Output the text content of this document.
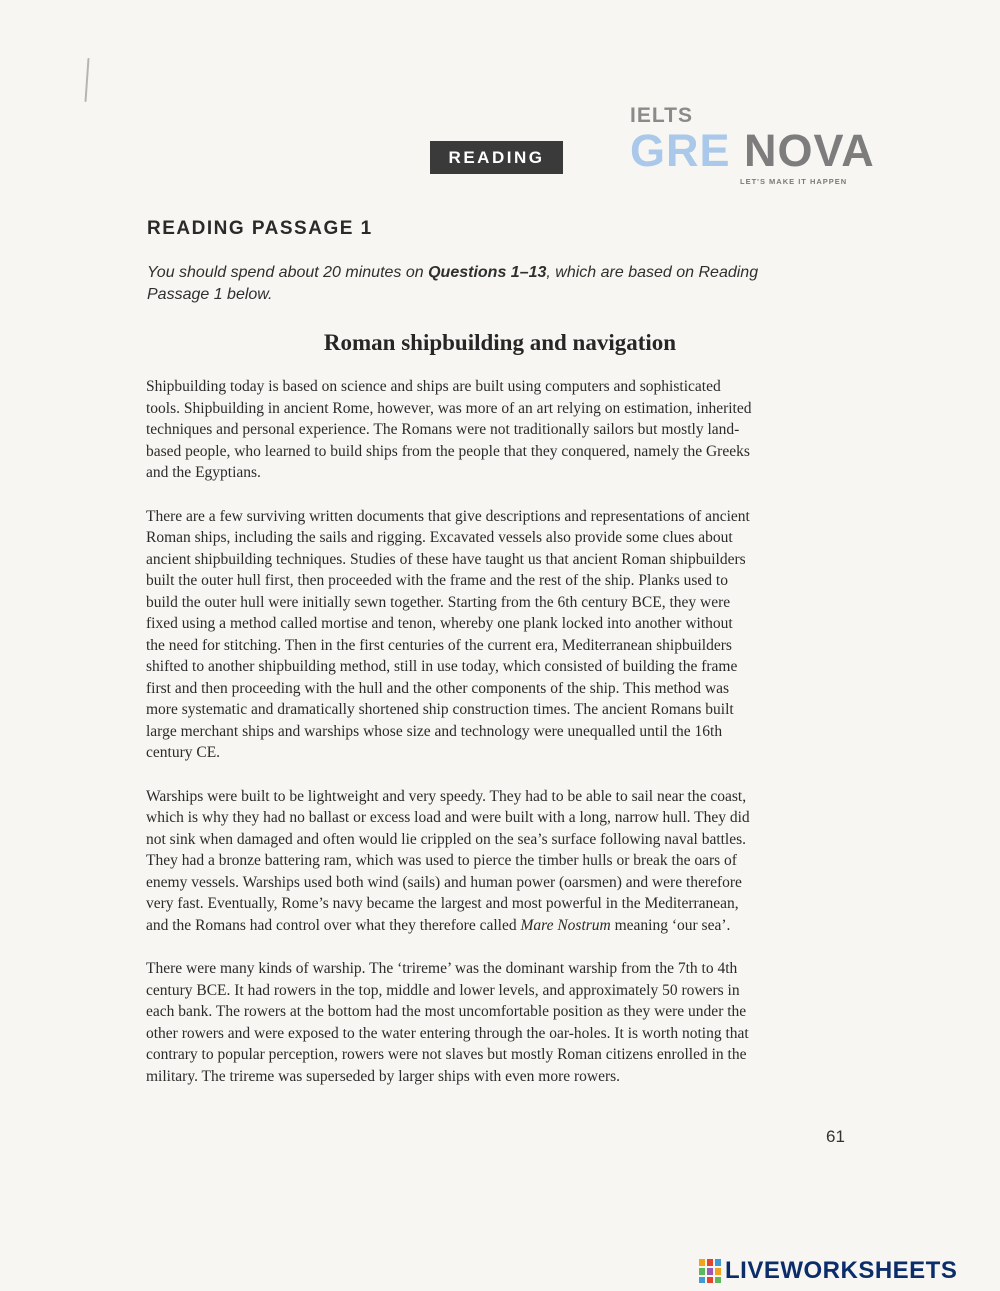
READING
IELTS
GRE NOVA
LET'S MAKE IT HAPPEN
READING PASSAGE 1
You should spend about 20 minutes on Questions 1–13, which are based on Reading
Passage 1 below.
Roman shipbuilding and navigation
Shipbuilding today is based on science and ships are built using computers and sophisticated
tools. Shipbuilding in ancient Rome, however, was more of an art relying on estimation, inherited
techniques and personal experience. The Romans were not traditionally sailors but mostly land-
based people, who learned to build ships from the people that they conquered, namely the Greeks
and the Egyptians.
There are a few surviving written documents that give descriptions and representations of ancient
Roman ships, including the sails and rigging. Excavated vessels also provide some clues about
ancient shipbuilding techniques. Studies of these have taught us that ancient Roman shipbuilders
built the outer hull first, then proceeded with the frame and the rest of the ship. Planks used to
build the outer hull were initially sewn together. Starting from the 6th century BCE, they were
fixed using a method called mortise and tenon, whereby one plank locked into another without
the need for stitching. Then in the first centuries of the current era, Mediterranean shipbuilders
shifted to another shipbuilding method, still in use today, which consisted of building the frame
first and then proceeding with the hull and the other components of the ship. This method was
more systematic and dramatically shortened ship construction times. The ancient Romans built
large merchant ships and warships whose size and technology were unequalled until the 16th
century CE.
Warships were built to be lightweight and very speedy. They had to be able to sail near the coast,
which is why they had no ballast or excess load and were built with a long, narrow hull. They did
not sink when damaged and often would lie crippled on the sea’s surface following naval battles.
They had a bronze battering ram, which was used to pierce the timber hulls or break the oars of
enemy vessels. Warships used both wind (sails) and human power (oarsmen) and were therefore
very fast. Eventually, Rome’s navy became the largest and most powerful in the Mediterranean,
and the Romans had control over what they therefore called Mare Nostrum meaning ‘our sea’.
There were many kinds of warship. The ‘trireme’ was the dominant warship from the 7th to 4th
century BCE. It had rowers in the top, middle and lower levels, and approximately 50 rowers in
each bank. The rowers at the bottom had the most uncomfortable position as they were under the
other rowers and were exposed to the water entering through the oar-holes. It is worth noting that
contrary to popular perception, rowers were not slaves but mostly Roman citizens enrolled in the
military. The trireme was superseded by larger ships with even more rowers.
61
LIVEWORKSHEETS
